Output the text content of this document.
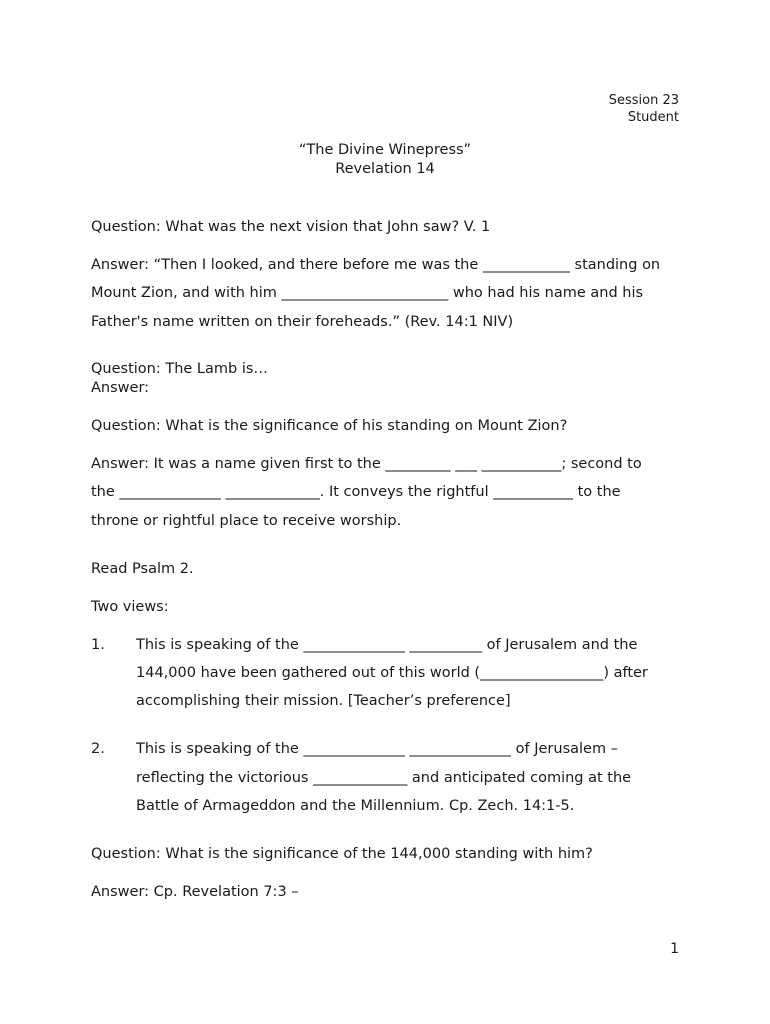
Session 23
Student
“The Divine Winepress”
Revelation 14
Question: What was the next vision that John saw? V. 1
Answer: “Then I looked, and there before me was the ____________ standing on
Mount Zion, and with him _______________________ who had his name and his
Father's name written on their foreheads.” (Rev. 14:1 NIV)
Question: The Lamb is…
Answer:
Question: What is the significance of his standing on Mount Zion?
Answer: It was a name given first to the _________ ___ ___________; second to
the ______________ _____________. It conveys the rightful ___________ to the
throne or rightful place to receive worship.
Read Psalm 2.
Two views:
1. This is speaking of the ______________ __________ of Jerusalem and the
144,000 have been gathered out of this world (_________________) after
accomplishing their mission. [Teacher’s preference]
2. This is speaking of the ______________ ______________ of Jerusalem –
reflecting the victorious _____________ and anticipated coming at the
Battle of Armageddon and the Millennium. Cp. Zech. 14:1-5.
Question: What is the significance of the 144,000 standing with him?
Answer: Cp. Revelation 7:3 –
1
